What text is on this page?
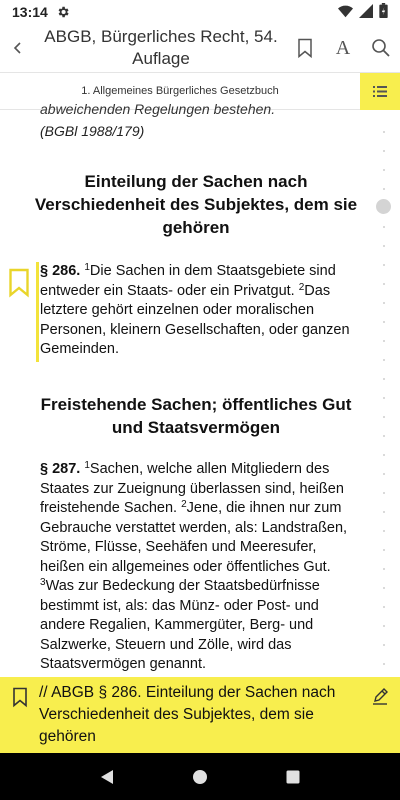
13:14
ABGB, Bürgerliches Recht, 54. Auflage	A
1. Allgemeines Bürgerliches Gesetzbuch
abweichenden Regelungen bestehen.
(BGBl 1988/179)
Einteilung der Sachen nach Verschiedenheit des Subjektes, dem sie gehören
§ 286. $^1$Die Sachen in dem Staatsgebiete sind entweder ein Staats- oder ein Privatgut. $^2$Das letztere gehört einzelnen oder moralischen Personen, kleinern Gesellschaften, oder ganzen Gemeinden.
Freistehende Sachen; öffentliches Gut und Staatsvermögen
§ 287. $^1$Sachen, welche allen Mitgliedern des Staates zur Zueignung überlassen sind, heißen freistehende Sachen. $^2$Jene, die ihnen nur zum Gebrauche verstattet werden, als: Landstraßen, Ströme, Flüsse, Seehäfen und Meeresufer, heißen ein allgemeines oder öffentliches Gut. $^3$Was zur Bedeckung der Staatsbedürfnisse bestimmt ist, als: das Münz- oder Post- und andere Regalien, Kammergüter, Berg- und Salzwerke, Steuern und Zölle, wird das Staatsvermögen genannt.
// ABGB § 286. Einteilung der Sachen nach Verschiedenheit des Subjektes, dem sie gehören
